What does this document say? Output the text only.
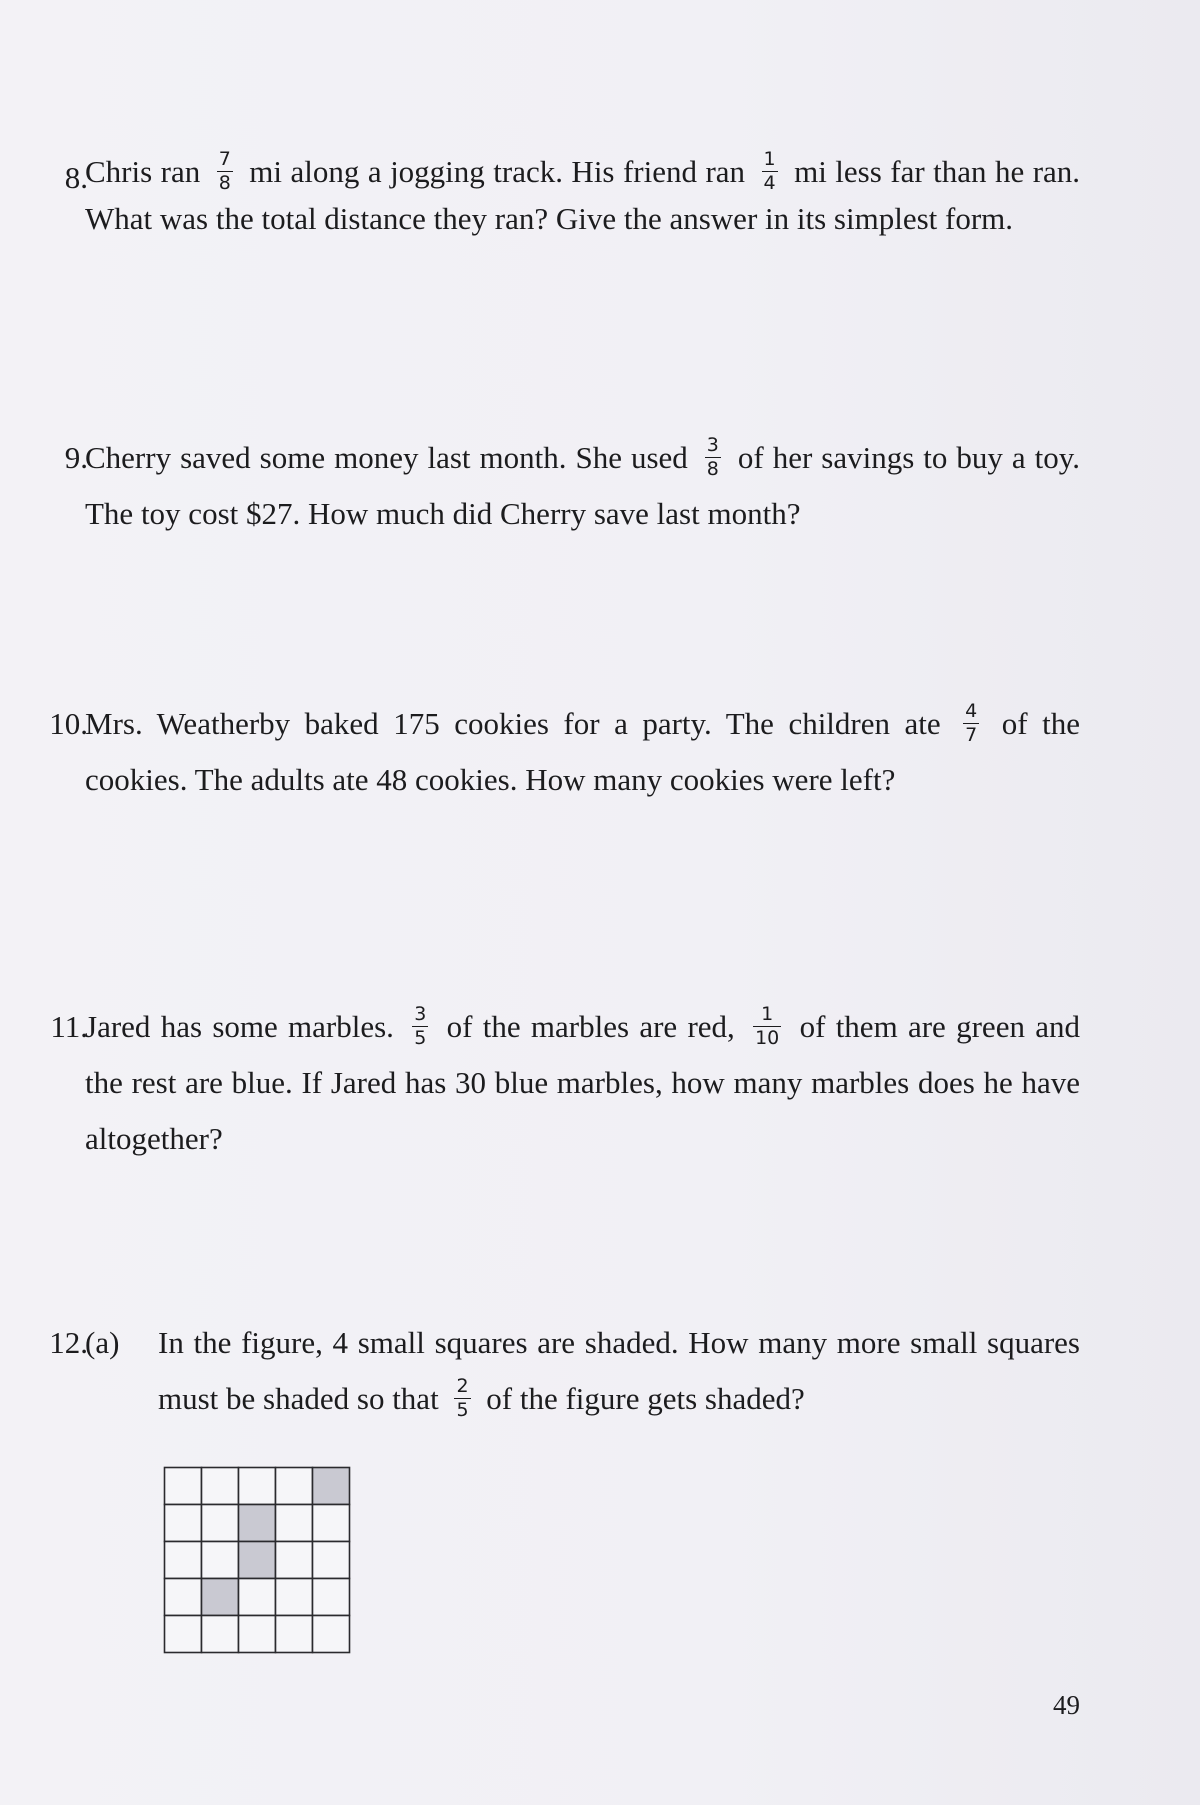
8.
Chris ran $\frac{7}{8}$ mi along a jogging track. His friend ran $\frac{1}{4}$ mi less far than he ran. What was the total distance they ran? Give the answer in its simplest form.
9.
Cherry saved some money last month. She used $\frac{3}{8}$ of her savings to buy a toy. The toy cost $27. How much did Cherry save last month?
10.
Mrs. Weatherby baked 175 cookies for a party. The children ate $\frac{4}{7}$ of the cookies. The adults ate 48 cookies. How many cookies were left?
11.
Jared has some marbles. $\frac{3}{5}$ of the marbles are red, $\frac{1}{10}$ of them are green and the rest are blue. If Jared has 30 blue marbles, how many marbles does he have altogether?
12.
(a) In the figure, 4 small squares are shaded. How many more small squares must be shaded so that $\frac{2}{5}$ of the figure gets shaded?
49
